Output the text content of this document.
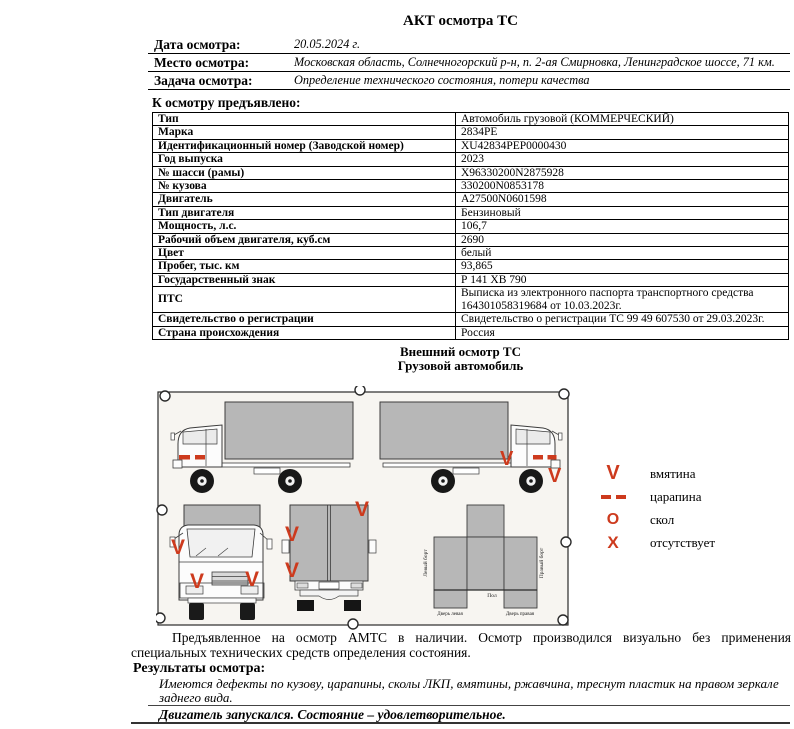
АКТ осмотра ТС
Дата осмотра:	20.05.2024 г.
Место осмотра:	Московская область, Солнечногорский р-н, п. 2-ая Смирновка, Ленинградское шоссе, 71 км.
Задача осмотра:	Определение технического состояния, потери качества
К осмотру предъявлено:
Тип	Автомобиль грузовой (КОММЕРЧЕСКИЙ)
Марка	2834PE
Идентификационный номер (Заводской номер)	XU42834PEP0000430
Год выпуска	2023
№ шасси (рамы)	X96330200N2875928
№ кузова	330200N0853178
Двигатель	A27500N0601598
Тип двигателя	Бензиновый
Мощность, л.с.	106,7
Рабочий объем двигателя, куб.см	2690
Цвет	белый
Пробег, тыс. км	93,865
Государственный знак	Р 141 ХВ 790
ПТС	Выписка из электронного паспорта транспортного средства 164301058319684 от 10.03.2023г.
Свидетельство о регистрации	Свидетельство о регистрации ТС 99 49 607530 от 29.03.2023г.
Страна происхождения	Россия
Внешний осмотр ТС
Грузовой автомобиль
V
V
V
V V
V
V
V
Пол
Дверь левая	Дверь правая
Левый борт	Правый борт
V	вмятина
царапина
O	скол
X	отсутствует
Предъявленное на осмотр АМТС в наличии. Осмотр производился визуально без применения специальных технических средств определения состояния.
Результаты осмотра:
Имеются дефекты по кузову, царапины, сколы ЛКП, вмятины, ржавчина, треснут пластик на правом зеркале заднего вида.
Двигатель запускался. Состояние – удовлетворительное.
